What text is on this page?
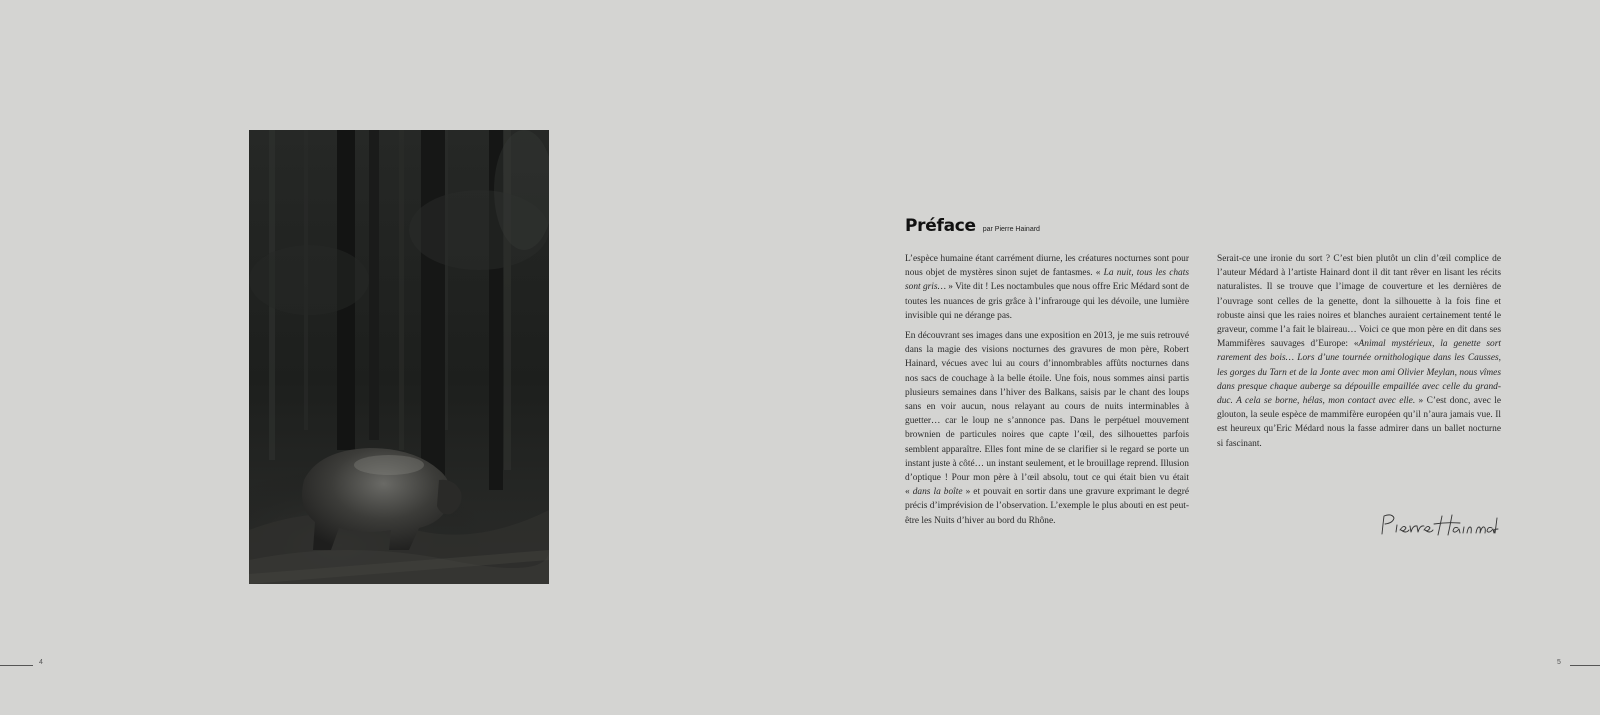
4
Préface par Pierre Hainard

L’espèce humaine étant carrément diurne, les créatures nocturnes sont pour nous objet de mystères sinon sujet de fantasmes. « La nuit, tous les chats sont gris… » Vite dit ! Les noctambules que nous offre Eric Médard sont de toutes les nuances de gris grâce à l’infrarouge qui les dévoile, une lumière invisible qui ne dérange pas.

En découvrant ses images dans une exposition en 2013, je me suis retrouvé dans la magie des visions nocturnes des gravures de mon père, Robert Hainard, vécues avec lui au cours d’innombrables affûts nocturnes dans nos sacs de couchage à la belle étoile. Une fois, nous sommes ainsi partis plusieurs semaines dans l’hiver des Balkans, saisis par le chant des loups sans en voir aucun, nous relayant au cours de nuits interminables à guetter… car le loup ne s’annonce pas. Dans le perpétuel mouvement brownien de particules noires que capte l’œil, des silhouettes parfois semblent apparaître. Elles font mine de se clarifier si le regard se porte un instant juste à côté… un instant seulement, et le brouillage reprend. Illusion d’optique ! Pour mon père à l’œil absolu, tout ce qui était bien vu était « dans la boîte » et pouvait en sortir dans une gravure exprimant le degré précis d’imprévision de l’observation. L’exemple le plus abouti en est peut-être les Nuits d’hiver au bord du Rhône.

Serait-ce une ironie du sort ? C’est bien plutôt un clin d’œil complice de l’auteur Médard à l’artiste Hainard dont il dit tant rêver en lisant les récits naturalistes. Il se trouve que l’image de couverture et les dernières de l’ouvrage sont celles de la genette, dont la silhouette à la fois fine et robuste ainsi que les raies noires et blanches auraient certainement tenté le graveur, comme l’a fait le blaireau… Voici ce que mon père en dit dans ses Mammifères sauvages d’Europe: «Animal mystérieux, la genette sort rarement des bois… Lors d’une tournée ornithologique dans les Causses, les gorges du Tarn et de la Jonte avec mon ami Olivier Meylan, nous vîmes dans presque chaque auberge sa dépouille empaillée avec celle du grand-duc. A cela se borne, hélas, mon contact avec elle. » C’est donc, avec le glouton, la seule espèce de mammifère européen qu’il n’aura jamais vue. Il est heureux qu’Eric Médard nous la fasse admirer dans un ballet nocturne si fascinant.

5
